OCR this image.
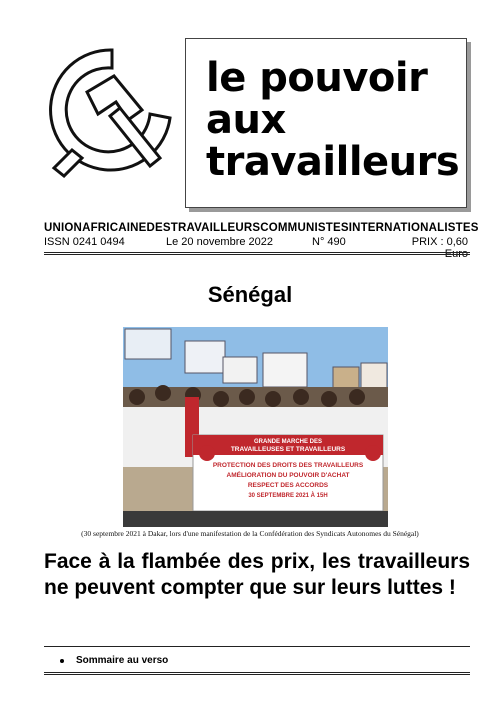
le pouvoir
aux
travailleurs
UNION AFRICAINE DES TRAVAILLEURS COMMUNISTES INTERNATIONALISTES
ISSN 0241 0494	Le 20 novembre 2022	N° 490	PRIX : 0,60 Euro
Sénégal
GRANDE MARCHE DES
TRAVAILLEUSES ET TRAVAILLEURS
PROTECTION DES DROITS DES TRAVAILLEURS
AMÉLIORATION DU POUVOIR D'ACHAT
RESPECT DES ACCORDS
30 SEPTEMBRE 2021 À 15H
(30 septembre 2021 à Dakar, lors d'une manifestation de la Confédération des Syndicats Autonomes du Sénégal)
Face à la flambée des prix, les travailleurs ne peuvent compter que sur leurs luttes !
Sommaire au verso
